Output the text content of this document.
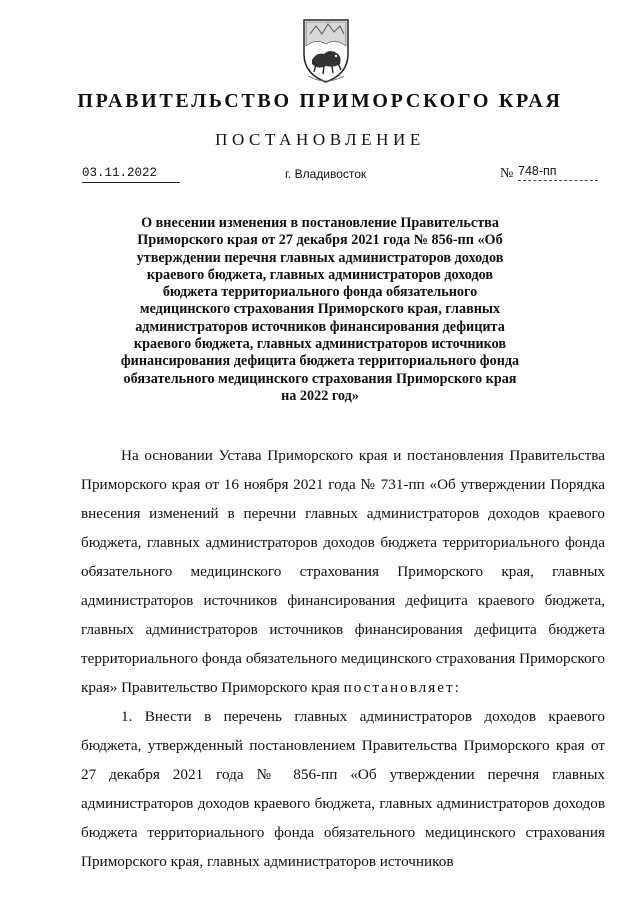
ПРАВИТЕЛЬСТВО ПРИМОРСКОГО КРАЯ
ПОСТАНОВЛЕНИЕ
03.11.2022	г. Владивосток	№ 748-пп
О внесении изменения в постановление Правительства Приморского края от 27 декабря 2021 года № 856-пп «Об утверждении перечня главных администраторов доходов краевого бюджета, главных администраторов доходов бюджета территориального фонда обязательного медицинского страхования Приморского края, главных администраторов источников финансирования дефицита краевого бюджета, главных администраторов источников финансирования дефицита бюджета территориального фонда обязательного медицинского страхования Приморского края на 2022 год»

На основании Устава Приморского края и постановления Правительства Приморского края от 16 ноября 2021 года № 731-пп «Об утверждении Порядка внесения изменений в перечни главных администраторов доходов краевого бюджета, главных администраторов доходов бюджета территориального фонда обязательного медицинского страхования Приморского края, главных администраторов источников финансирования дефицита краевого бюджета, главных администраторов источников финансирования дефицита бюджета территориального фонда обязательного медицинского страхования Приморского края» Правительство Приморского края постановляет:

1. Внести в перечень главных администраторов доходов краевого бюджета, утвержденный постановлением Правительства Приморского края от 27 декабря 2021 года № 856-пп «Об утверждении перечня главных администраторов доходов краевого бюджета, главных администраторов доходов бюджета территориального фонда обязательного медицинского страхования Приморского края, главных администраторов источников
